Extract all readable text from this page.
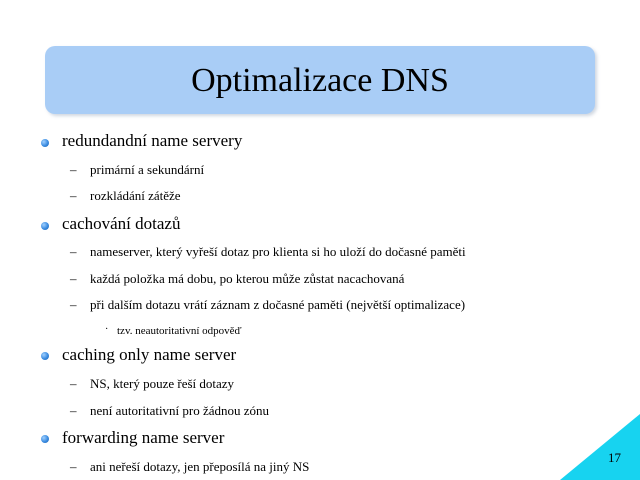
Optimalizace DNS
redundandní name servery
– primární a sekundární
– rozkládání zátěže
cachování dotazů
– nameserver, který vyřeší dotaz pro klienta si ho uloží do dočasné paměti
– každá položka má dobu, po kterou může zůstat nacachovaná
– při dalším dotazu vrátí záznam z dočasné paměti (největší optimalizace)
· tzv. neautoritativní odpověď
caching only name server
– NS, který pouze řeší dotazy
– není autoritativní pro žádnou zónu
forwarding name server
– ani neřeší dotazy, jen přeposílá na jiný NS
17
